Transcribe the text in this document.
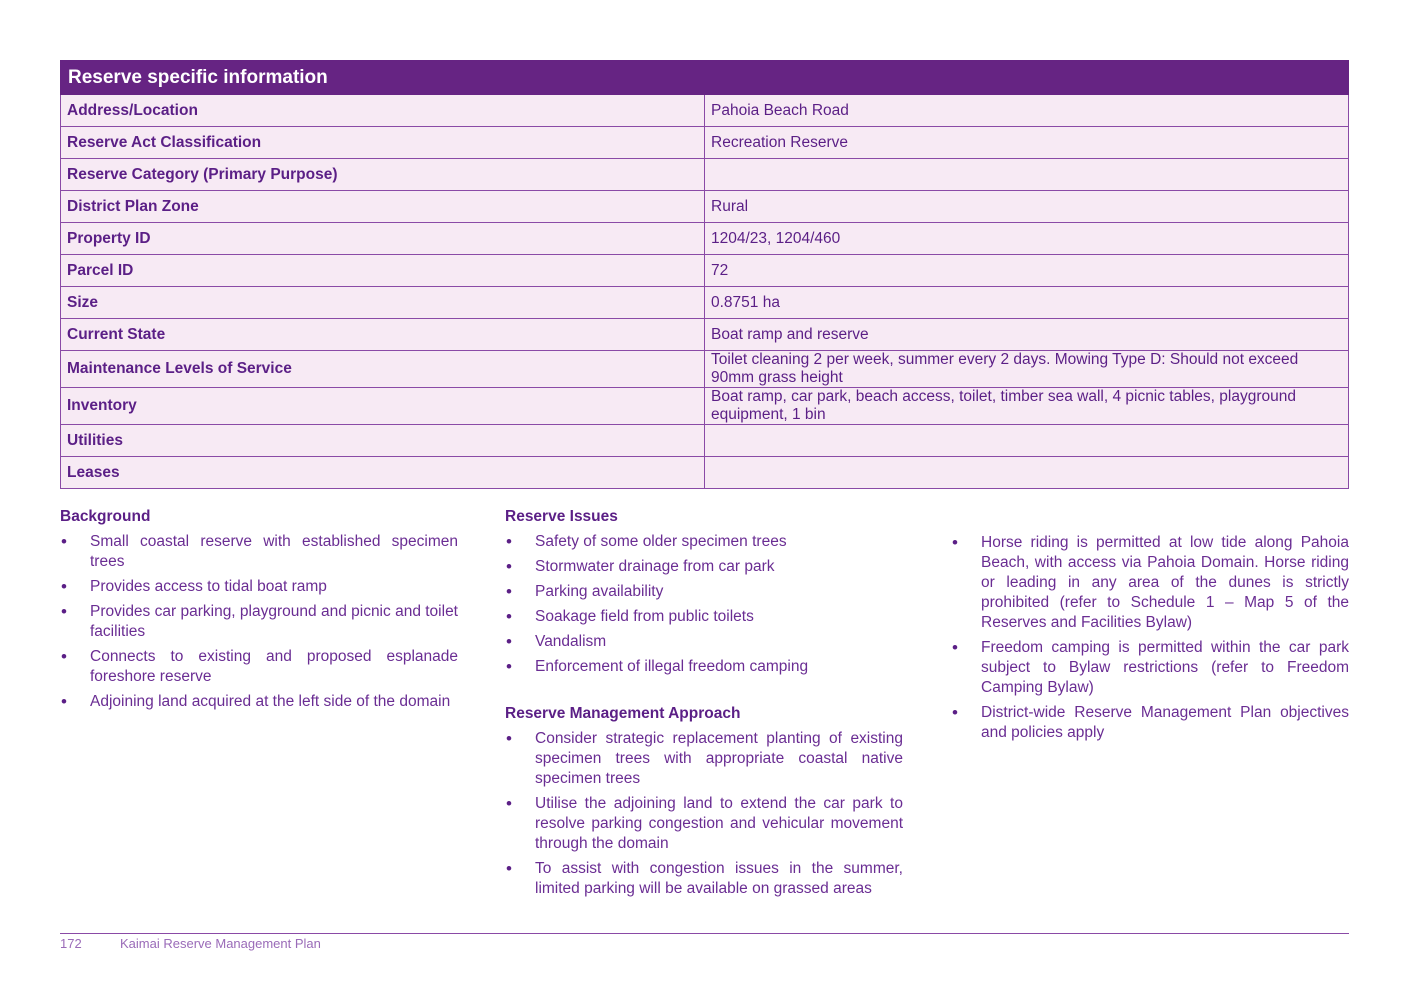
Reserve specific information	
Address/Location	Pahoia Beach Road
Reserve Act Classification	Recreation Reserve
Reserve Category (Primary Purpose)	
District Plan Zone	Rural
Property ID	1204/23, 1204/460
Parcel ID	72
Size	0.8751 ha
Current State	Boat ramp and reserve
Maintenance Levels of Service	Toilet cleaning 2 per week, summer every 2 days. Mowing Type D: Should not exceed 90mm grass height
Inventory	Boat ramp, car park, beach access, toilet, timber sea wall, 4 picnic tables, playground equipment, 1 bin
Utilities	
Leases	
Background
• Small coastal reserve with established specimen trees
• Provides access to tidal boat ramp
• Provides car parking, playground and picnic and toilet facilities
• Connects to existing and proposed esplanade foreshore reserve
• Adjoining land acquired at the left side of the domain
Reserve Issues
• Safety of some older specimen trees
• Stormwater drainage from car park
• Parking availability
• Soakage field from public toilets
• Vandalism
• Enforcement of illegal freedom camping
Reserve Management Approach
• Consider strategic replacement planting of existing specimen trees with appropriate coastal native specimen trees
• Utilise the adjoining land to extend the car park to resolve parking congestion and vehicular movement through the domain
• To assist with congestion issues in the summer, limited parking will be available on grassed areas
• Horse riding is permitted at low tide along Pahoia Beach, with access via Pahoia Domain. Horse riding or leading in any area of the dunes is strictly prohibited (refer to Schedule 1 – Map 5 of the Reserves and Facilities Bylaw)
• Freedom camping is permitted within the car park subject to Bylaw restrictions (refer to Freedom Camping Bylaw)
• District-wide Reserve Management Plan objectives and policies apply
172	Kaimai Reserve Management Plan
